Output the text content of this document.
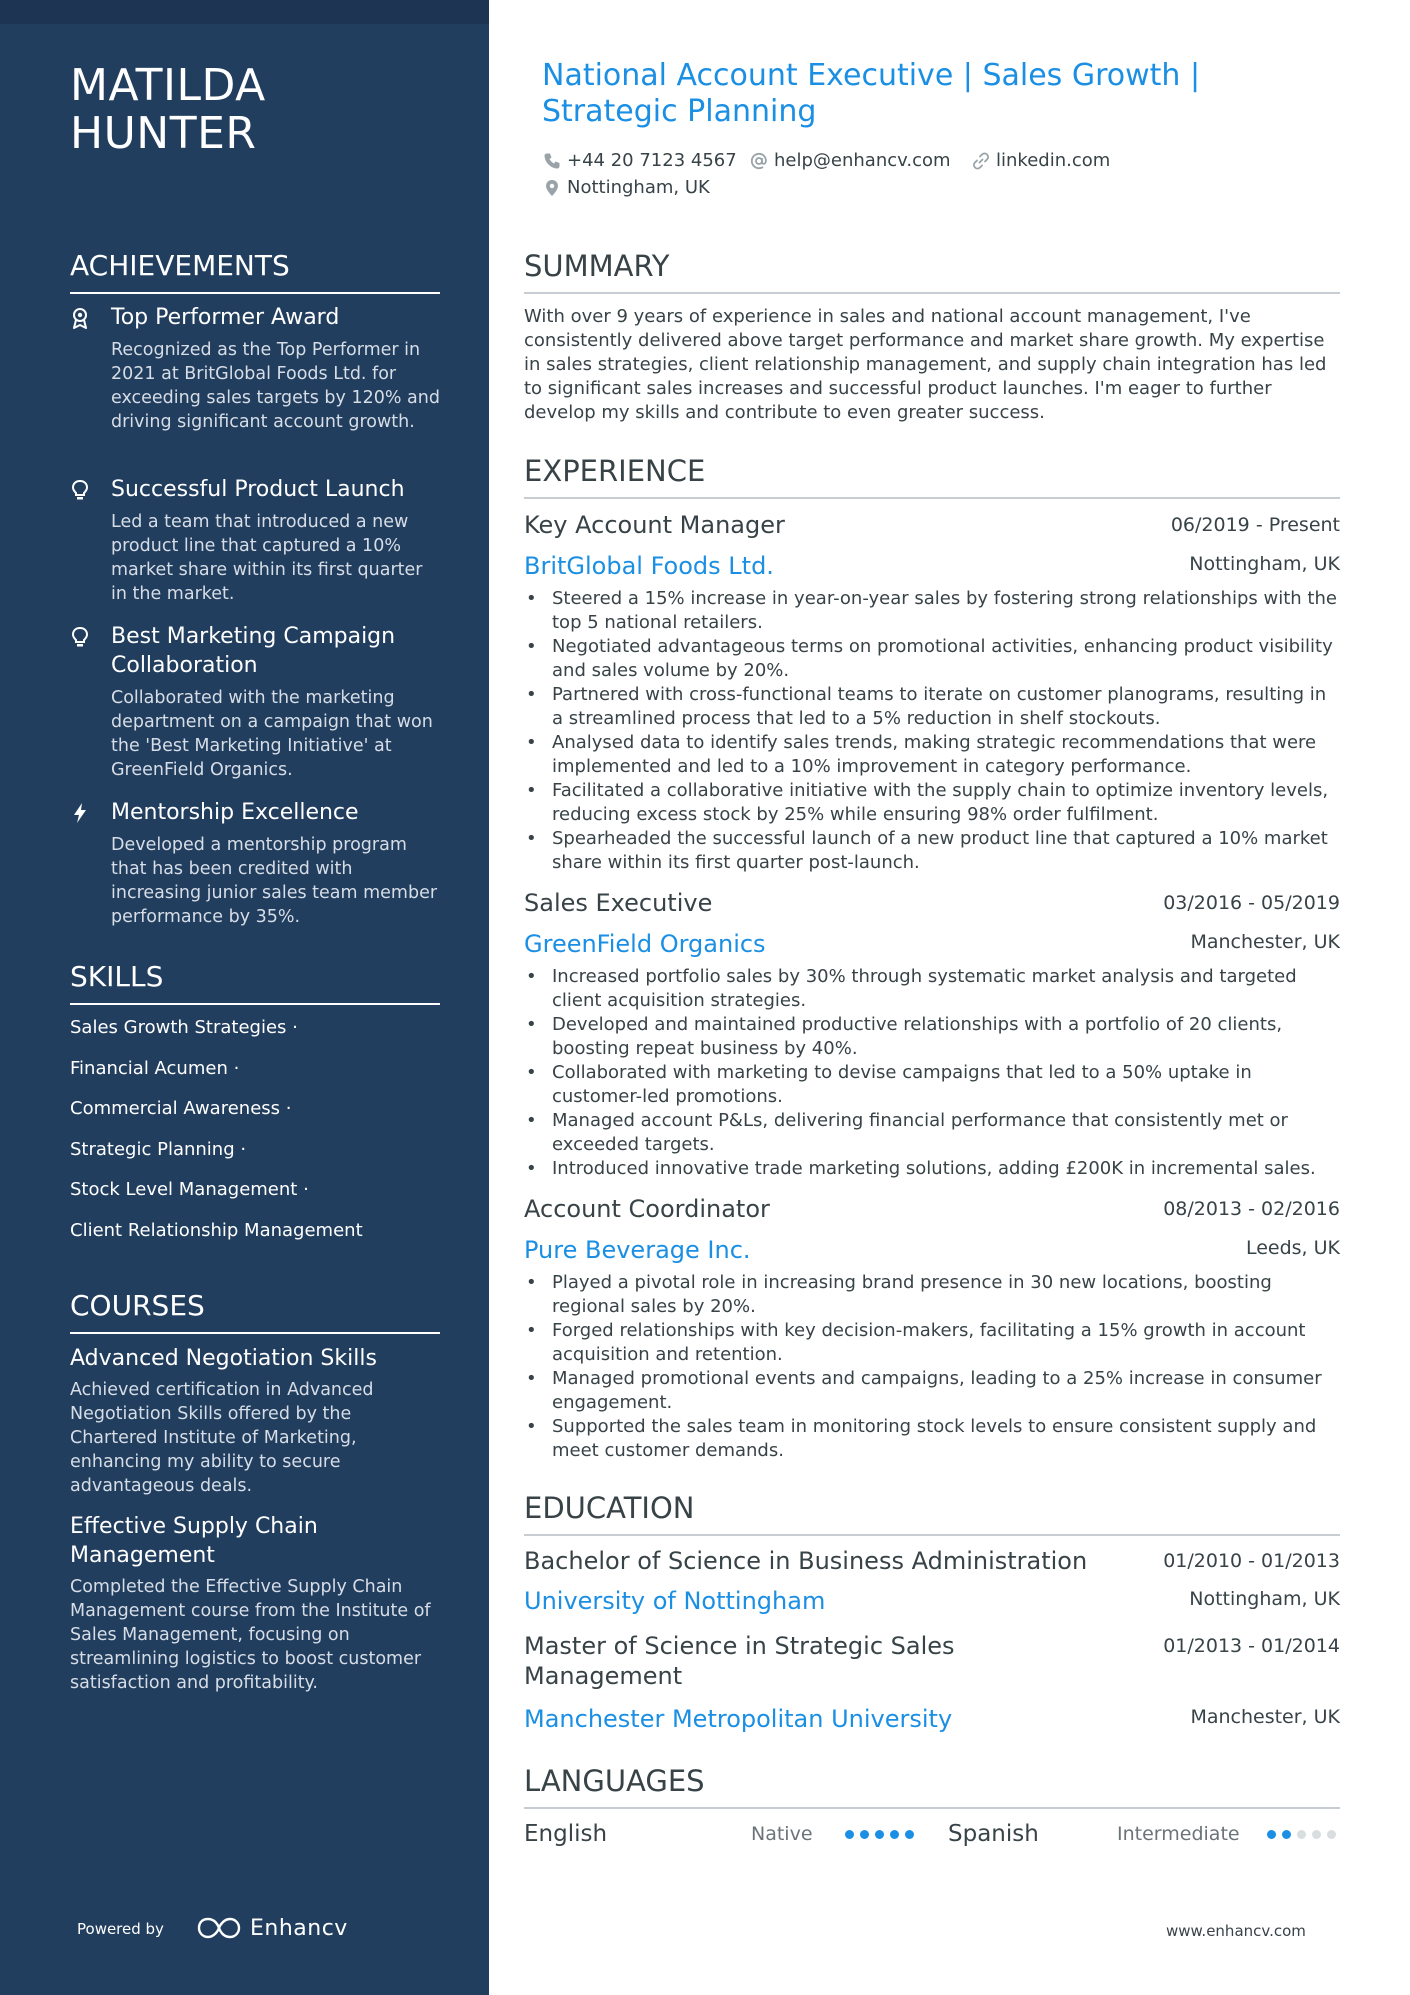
MATILDA
HUNTER
ACHIEVEMENTS
Top Performer Award
Recognized as the Top Performer in 2021 at BritGlobal Foods Ltd. for exceeding sales targets by 120% and driving significant account growth.
Successful Product Launch
Led a team that introduced a new product line that captured a 10% market share within its first quarter in the market.
Best Marketing Campaign Collaboration
Collaborated with the marketing department on a campaign that won the 'Best Marketing Initiative' at GreenField Organics.
Mentorship Excellence
Developed a mentorship program that has been credited with increasing junior sales team member performance by 35%.
SKILLS
Sales Growth Strategies ·
Financial Acumen ·
Commercial Awareness ·
Strategic Planning ·
Stock Level Management ·
Client Relationship Management
COURSES
Advanced Negotiation Skills
Achieved certification in Advanced Negotiation Skills offered by the Chartered Institute of Marketing, enhancing my ability to secure advantageous deals.
Effective Supply Chain Management
Completed the Effective Supply Chain Management course from the Institute of Sales Management, focusing on streamlining logistics to boost customer satisfaction and profitability.
Powered by	Enhancv
National Account Executive | Sales Growth | Strategic Planning
+44 20 7123 4567 help@enhancv.com	linkedin.com
Nottingham, UK
SUMMARY
With over 9 years of experience in sales and national account management, I've consistently delivered above target performance and market share growth. My expertise in sales strategies, client relationship management, and supply chain integration has led to significant sales increases and successful product launches. I'm eager to further develop my skills and contribute to even greater success.
EXPERIENCE
Key Account Manager	06/2019 - Present
BritGlobal Foods Ltd.	Nottingham, UK
• Steered a 15% increase in year-on-year sales by fostering strong relationships with the top 5 national retailers.
• Negotiated advantageous terms on promotional activities, enhancing product visibility and sales volume by 20%.
• Partnered with cross-functional teams to iterate on customer planograms, resulting in a streamlined process that led to a 5% reduction in shelf stockouts.
• Analysed data to identify sales trends, making strategic recommendations that were implemented and led to a 10% improvement in category performance.
• Facilitated a collaborative initiative with the supply chain to optimize inventory levels, reducing excess stock by 25% while ensuring 98% order fulfilment.
• Spearheaded the successful launch of a new product line that captured a 10% market share within its first quarter post-launch.
Sales Executive	03/2016 - 05/2019
GreenField Organics	Manchester, UK
• Increased portfolio sales by 30% through systematic market analysis and targeted client acquisition strategies.
• Developed and maintained productive relationships with a portfolio of 20 clients, boosting repeat business by 40%.
• Collaborated with marketing to devise campaigns that led to a 50% uptake in customer-led promotions.
• Managed account P&Ls, delivering financial performance that consistently met or exceeded targets.
• Introduced innovative trade marketing solutions, adding £200K in incremental sales.
Account Coordinator	08/2013 - 02/2016
Pure Beverage Inc.	Leeds, UK
• Played a pivotal role in increasing brand presence in 30 new locations, boosting regional sales by 20%.
• Forged relationships with key decision-makers, facilitating a 15% growth in account acquisition and retention.
• Managed promotional events and campaigns, leading to a 25% increase in consumer engagement.
• Supported the sales team in monitoring stock levels to ensure consistent supply and meet customer demands.
EDUCATION
Bachelor of Science in Business Administration	01/2010 - 01/2013
University of Nottingham	Nottingham, UK
Master of Science in Strategic Sales Management
01/2013 - 01/2014
Manchester Metropolitan University	Manchester, UK
LANGUAGES
English	Native	Spanish	Intermediate
www.enhancv.com
